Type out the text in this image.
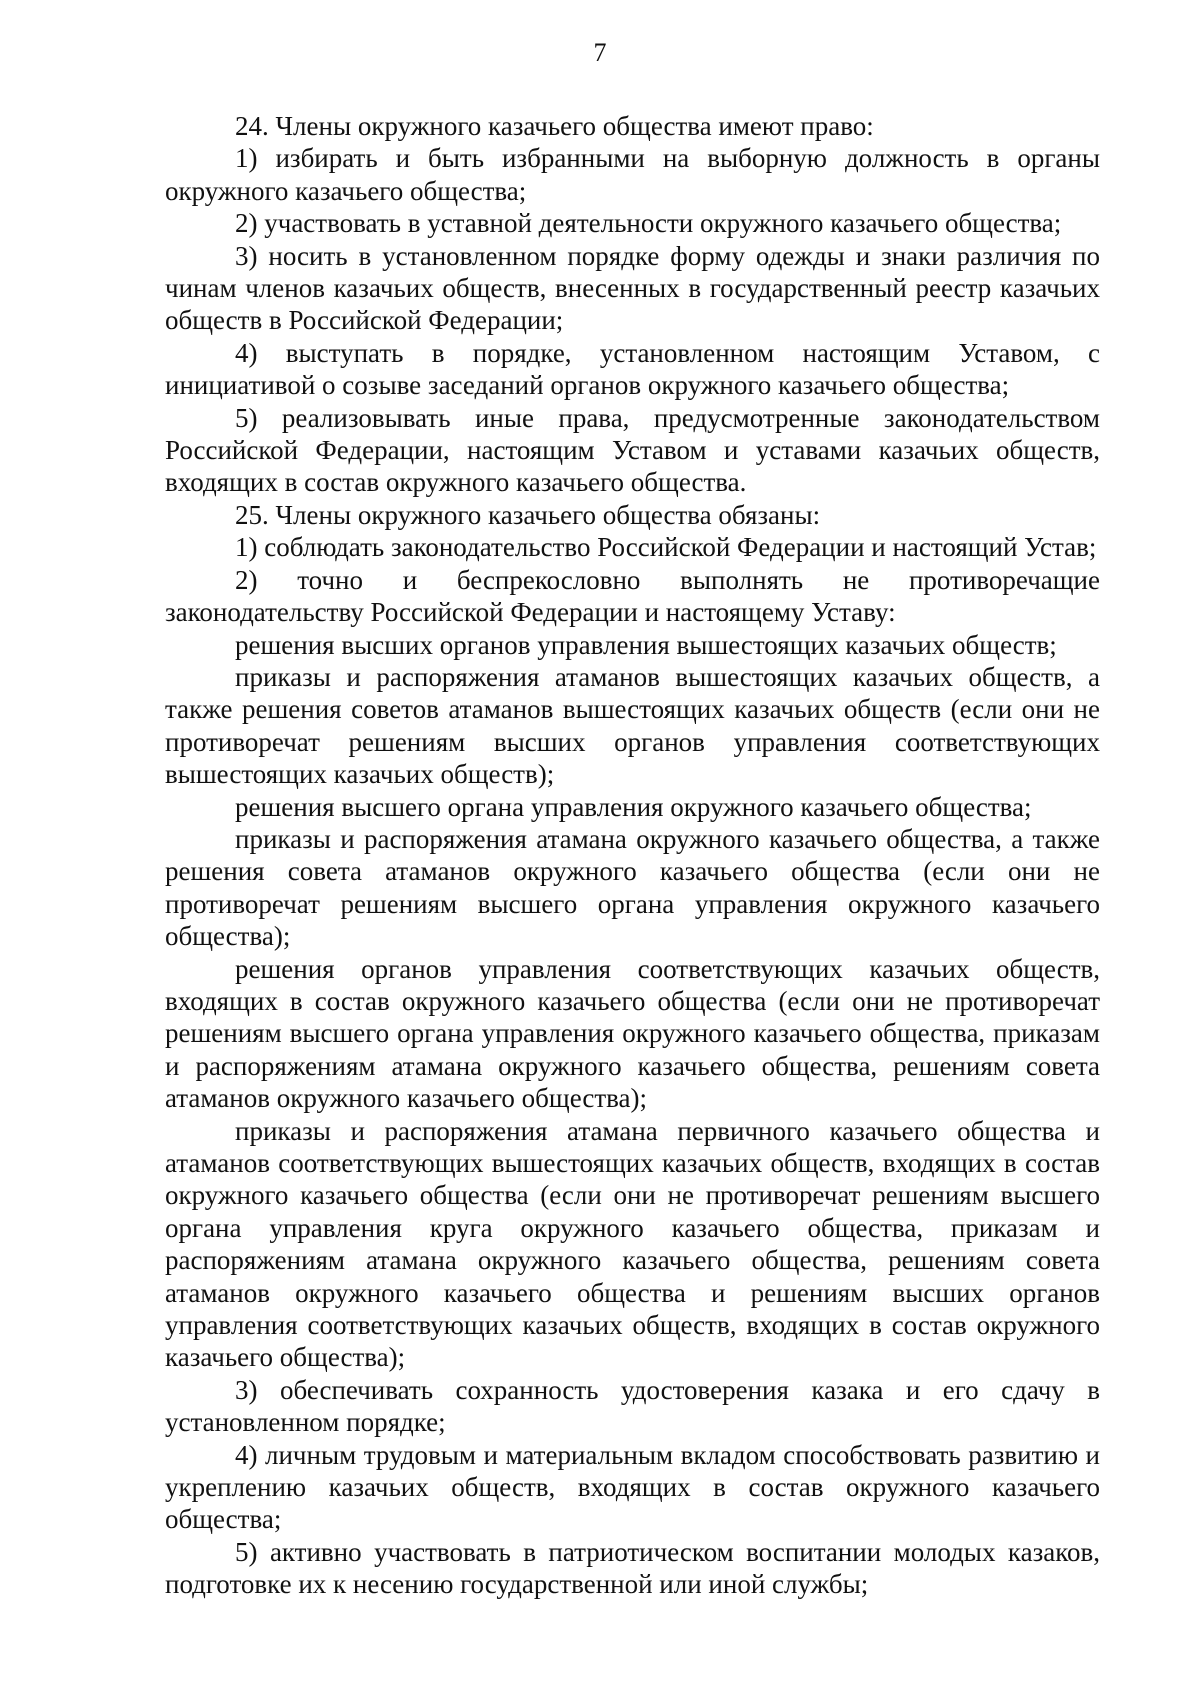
7

24. Члены окружного казачьего общества имеют право:

1) избирать и быть избранными на выборную должность в органы окружного казачьего общества;

2) участвовать в уставной деятельности окружного казачьего общества;

3) носить в установленном порядке форму одежды и знаки различия по чинам членов казачьих обществ, внесенных в государственный реестр казачьих обществ в Российской Федерации;

4) выступать в порядке, установленном настоящим Уставом, с инициативой о созыве заседаний органов окружного казачьего общества;

5) реализовывать иные права, предусмотренные законодательством Российской Федерации, настоящим Уставом и уставами казачьих обществ, входящих в состав окружного казачьего общества.

25. Члены окружного казачьего общества обязаны:

1) соблюдать законодательство Российской Федерации и настоящий Устав;

2) точно и беспрекословно выполнять не противоречащие законодательству Российской Федерации и настоящему Уставу:

решения высших органов управления вышестоящих казачьих обществ;

приказы и распоряжения атаманов вышестоящих казачьих обществ, а также решения советов атаманов вышестоящих казачьих обществ (если они не противоречат решениям высших органов управления соответствующих вышестоящих казачьих обществ);

решения высшего органа управления окружного казачьего общества;

приказы и распоряжения атамана окружного казачьего общества, а также решения совета атаманов окружного казачьего общества (если они не противоречат решениям высшего органа управления окружного казачьего общества);

решения органов управления соответствующих казачьих обществ, входящих в состав окружного казачьего общества (если они не противоречат решениям высшего органа управления окружного казачьего общества, приказам и распоряжениям атамана окружного казачьего общества, решениям совета атаманов окружного казачьего общества);

приказы и распоряжения атамана первичного казачьего общества и атаманов соответствующих вышестоящих казачьих обществ, входящих в состав окружного казачьего общества (если они не противоречат решениям высшего органа управления круга окружного казачьего общества, приказам и распоряжениям атамана окружного казачьего общества, решениям совета атаманов окружного казачьего общества и решениям высших органов управления соответствующих казачьих обществ, входящих в состав окружного казачьего общества);

3) обеспечивать сохранность удостоверения казака и его сдачу в установленном порядке;

4) личным трудовым и материальным вкладом способствовать развитию и укреплению казачьих обществ, входящих в состав окружного казачьего общества;

5) активно участвовать в патриотическом воспитании молодых казаков, подготовке их к несению государственной или иной службы;
